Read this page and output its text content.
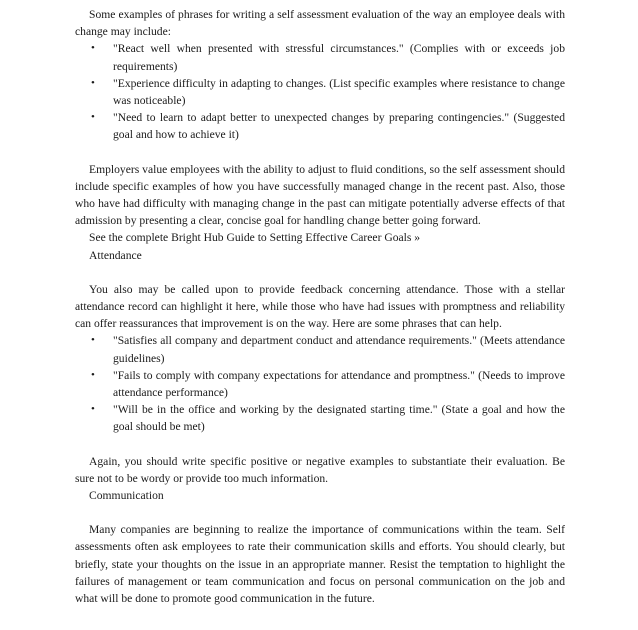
Some examples of phrases for writing a self assessment evaluation of the way an employee deals with change may include:

• "React well when presented with stressful circumstances." (Complies with or exceeds job requirements)
• "Experience difficulty in adapting to changes. (List specific examples where resistance to change was noticeable)
• "Need to learn to adapt better to unexpected changes by preparing contingencies." (Suggested goal and how to achieve it)

Employers value employees with the ability to adjust to fluid conditions, so the self assessment should include specific examples of how you have successfully managed change in the recent past. Also, those who have had difficulty with managing change in the past can mitigate potentially adverse effects of that admission by presenting a clear, concise goal for handling change better going forward.

See the complete Bright Hub Guide to Setting Effective Career Goals »

Attendance

You also may be called upon to provide feedback concerning attendance. Those with a stellar attendance record can highlight it here, while those who have had issues with promptness and reliability can offer reassurances that improvement is on the way. Here are some phrases that can help.

• "Satisfies all company and department conduct and attendance requirements." (Meets attendance guidelines)
• "Fails to comply with company expectations for attendance and promptness." (Needs to improve attendance performance)
• "Will be in the office and working by the designated starting time." (State a goal and how the goal should be met)

Again, you should write specific positive or negative examples to substantiate their evaluation. Be sure not to be wordy or provide too much information.

Communication

Many companies are beginning to realize the importance of communications within the team. Self assessments often ask employees to rate their communication skills and efforts. You should clearly, but briefly, state your thoughts on the issue in an appropriate manner. Resist the temptation to highlight the failures of management or team communication and focus on personal communication on the job and what will be done to promote good communication in the future.
